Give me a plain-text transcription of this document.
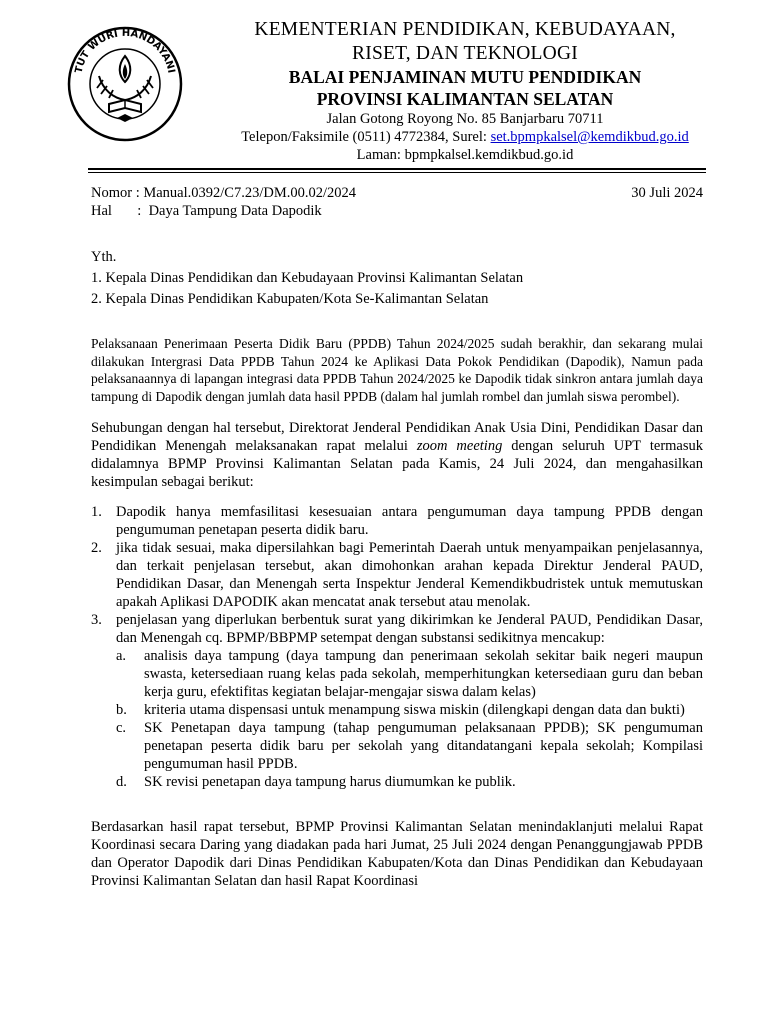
TUT WURI HANDAYANI
KEMENTERIAN PENDIDIKAN, KEBUDAYAAN,
RISET, DAN TEKNOLOGI
BALAI PENJAMINAN MUTU PENDIDIKAN
PROVINSI KALIMANTAN SELATAN
Jalan Gotong Royong No. 85 Banjarbaru 70711
Telepon/Faksimile (0511) 4772384, Surel: set.bpmpkalsel@kemdikbud.go.id
Laman: bpmpkalsel.kemdikbud.go.id
Nomor : Manual.0392/C7.23/DM.00.02/2024	30 Juli 2024
Hal       :  Daya Tampung Data Dapodik
Yth.
1. Kepala Dinas Pendidikan dan Kebudayaan Provinsi Kalimantan Selatan
2. Kepala Dinas Pendidikan Kabupaten/Kota Se-Kalimantan Selatan

Pelaksanaan Penerimaan Peserta Didik Baru (PPDB) Tahun 2024/2025 sudah berakhir, dan sekarang mulai dilakukan Intergrasi Data PPDB Tahun 2024 ke Aplikasi Data Pokok Pendidikan (Dapodik), Namun pada pelaksanaannya di lapangan integrasi data PPDB Tahun 2024/2025 ke Dapodik tidak sinkron antara jumlah daya tampung di Dapodik dengan jumlah data hasil PPDB (dalam hal jumlah rombel dan jumlah siswa perombel).

Sehubungan dengan hal tersebut, Direktorat Jenderal Pendidikan Anak Usia Dini, Pendidikan Dasar dan Pendidikan Menengah melaksanakan rapat melalui zoom meeting dengan seluruh UPT termasuk didalamnya BPMP Provinsi Kalimantan Selatan pada Kamis, 24 Juli 2024, dan mengahasilkan kesimpulan sebagai berikut:

1. Dapodik hanya memfasilitasi kesesuaian antara pengumuman daya tampung PPDB dengan pengumuman penetapan peserta didik baru.
2. jika tidak sesuai, maka dipersilahkan bagi Pemerintah Daerah untuk menyampaikan penjelasannya, dan terkait penjelasan tersebut, akan dimohonkan arahan kepada Direktur Jenderal PAUD, Pendidikan Dasar, dan Menengah serta Inspektur Jenderal Kemendikbudristek untuk memutuskan apakah Aplikasi DAPODIK akan mencatat anak tersebut atau menolak.
3. penjelasan yang diperlukan berbentuk surat yang dikirimkan ke Jenderal PAUD, Pendidikan Dasar, dan Menengah cq. BPMP/BBPMP setempat dengan substansi sedikitnya mencakup:
a. analisis daya tampung (daya tampung dan penerimaan sekolah sekitar baik negeri maupun swasta, ketersediaan ruang kelas pada sekolah, memperhitungkan ketersediaan guru dan beban kerja guru, efektifitas kegiatan belajar-mengajar siswa dalam kelas)
b. kriteria utama dispensasi untuk menampung siswa miskin (dilengkapi dengan data dan bukti)
c. SK Penetapan daya tampung (tahap pengumuman pelaksanaan PPDB); SK pengumuman penetapan peserta didik baru per sekolah yang ditandatangani kepala sekolah; Kompilasi pengumuman hasil PPDB.
d. SK revisi penetapan daya tampung harus diumumkan ke publik.

Berdasarkan hasil rapat tersebut, BPMP Provinsi Kalimantan Selatan menindaklanjuti melalui Rapat Koordinasi secara Daring yang diadakan pada hari Jumat, 25 Juli 2024 dengan Penanggungjawab PPDB dan Operator Dapodik dari Dinas Pendidikan Kabupaten/Kota dan Dinas Pendidikan dan Kebudayaan Provinsi Kalimantan Selatan dan hasil Rapat Koordinasi
